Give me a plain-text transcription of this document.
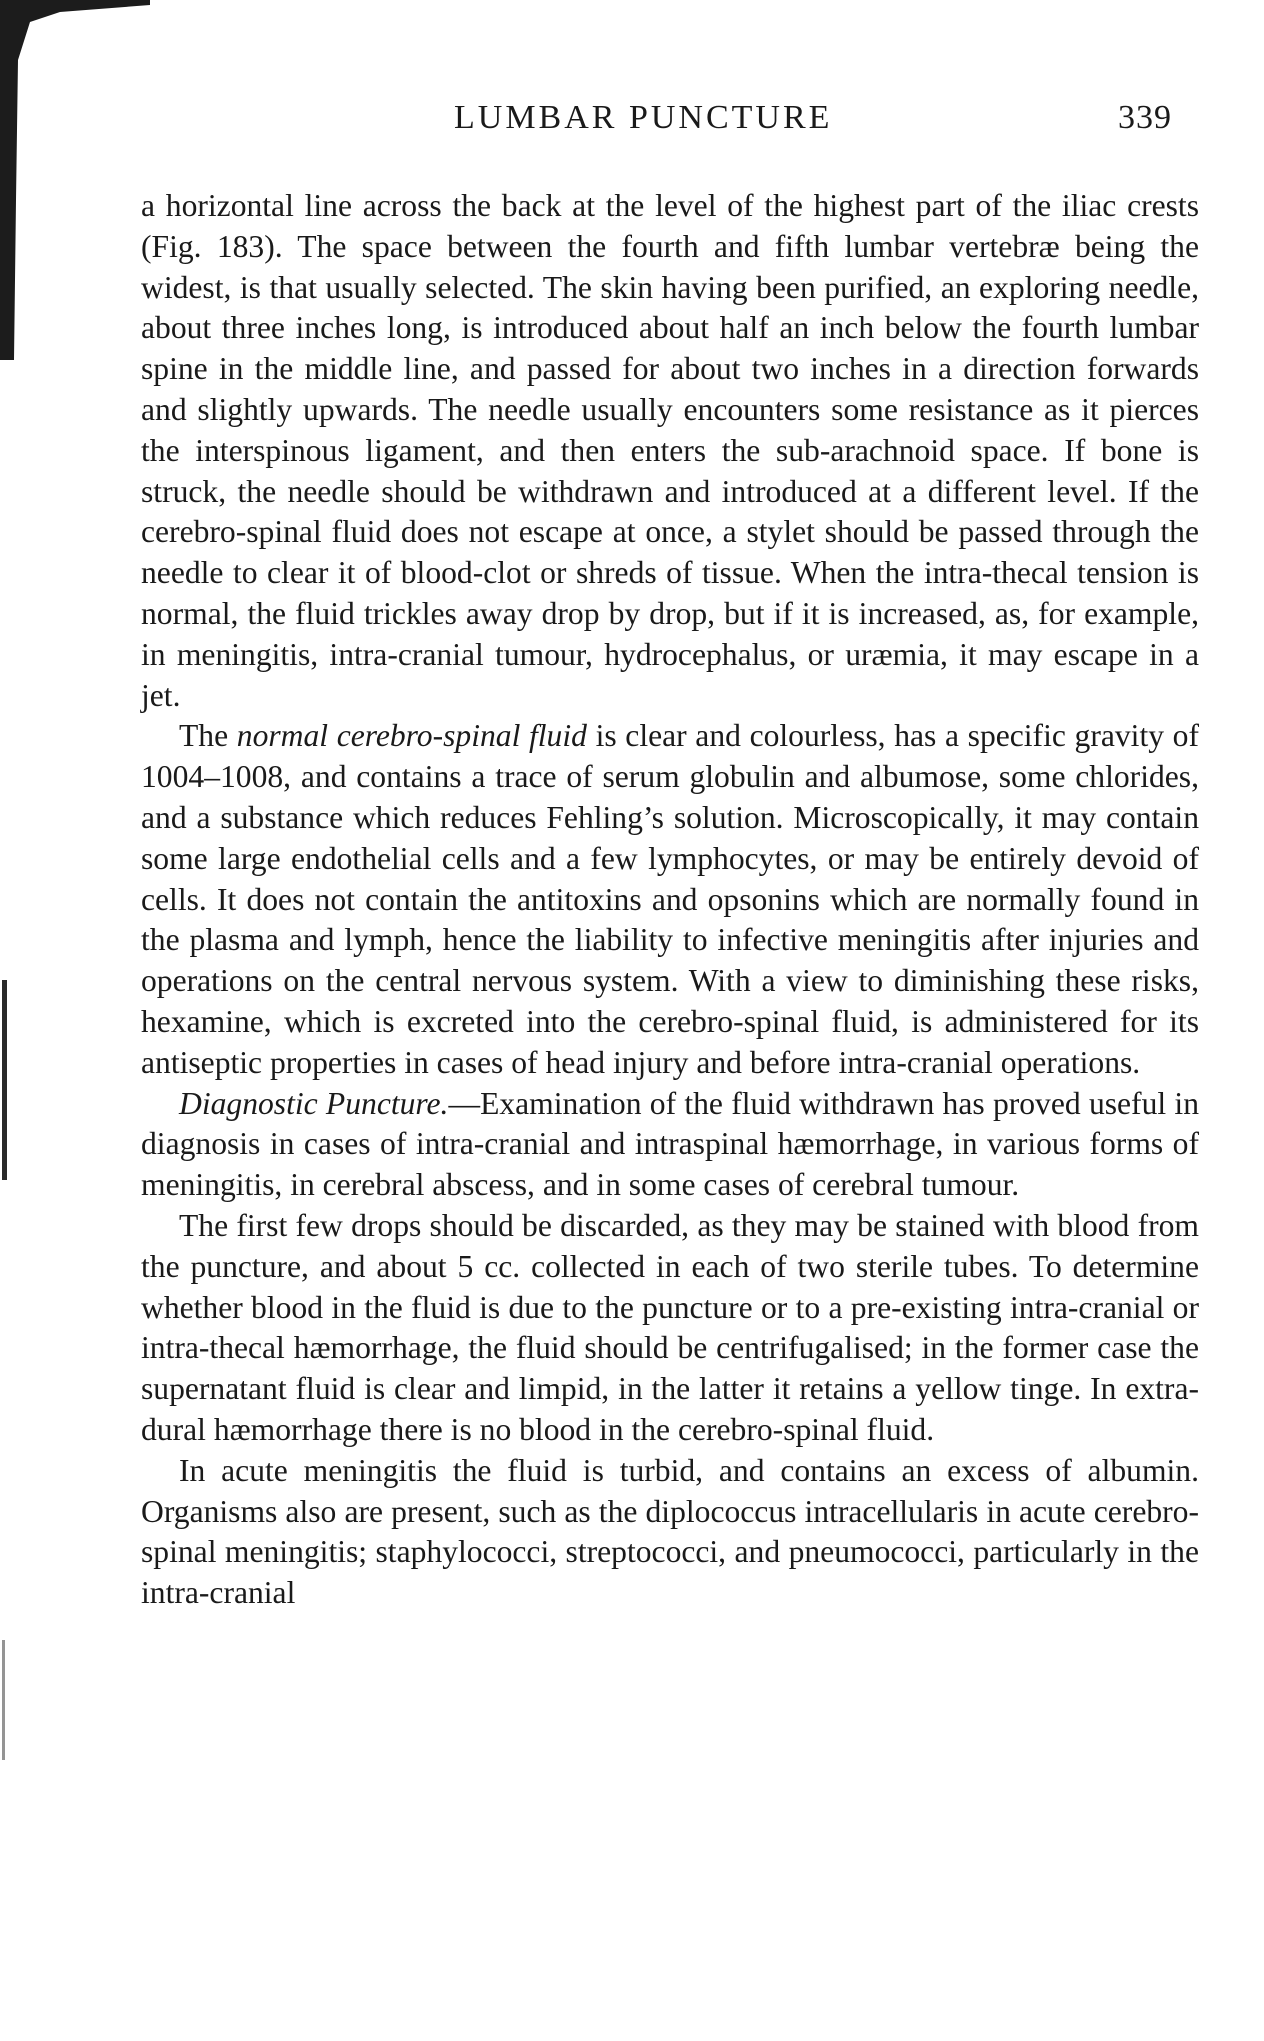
LUMBAR PUNCTURE	339

a horizontal line across the back at the level of the highest part of the iliac crests (Fig. 183). The space between the fourth and fifth lumbar vertebræ being the widest, is that usually selected. The skin having been purified, an exploring needle, about three inches long, is introduced about half an inch below the fourth lumbar spine in the middle line, and passed for about two inches in a direction forwards and slightly upwards. The needle usually encounters some resistance as it pierces the interspinous ligament, and then enters the sub-arachnoid space. If bone is struck, the needle should be withdrawn and introduced at a different level. If the cerebro-spinal fluid does not escape at once, a stylet should be passed through the needle to clear it of blood-clot or shreds of tissue. When the intra-thecal tension is normal, the fluid trickles away drop by drop, but if it is increased, as, for example, in meningitis, intra-cranial tumour, hydrocephalus, or uræmia, it may escape in a jet.

The normal cerebro-spinal fluid is clear and colourless, has a specific gravity of 1004–1008, and contains a trace of serum globulin and albumose, some chlorides, and a substance which reduces Fehling’s solution. Microscopically, it may contain some large endothelial cells and a few lymphocytes, or may be entirely devoid of cells. It does not contain the antitoxins and opsonins which are normally found in the plasma and lymph, hence the liability to infective meningitis after injuries and operations on the central nervous system. With a view to diminishing these risks, hexamine, which is excreted into the cerebro-spinal fluid, is administered for its antiseptic properties in cases of head injury and before intra-cranial operations.

Diagnostic Puncture.—Examination of the fluid withdrawn has proved useful in diagnosis in cases of intra-cranial and intraspinal hæmorrhage, in various forms of meningitis, in cerebral abscess, and in some cases of cerebral tumour.

The first few drops should be discarded, as they may be stained with blood from the puncture, and about 5 cc. collected in each of two sterile tubes. To determine whether blood in the fluid is due to the puncture or to a pre-existing intra-cranial or intra-thecal hæmorrhage, the fluid should be centrifugalised; in the former case the supernatant fluid is clear and limpid, in the latter it retains a yellow tinge. In extra-dural hæmorrhage there is no blood in the cerebro-spinal fluid.

In acute meningitis the fluid is turbid, and contains an excess of albumin. Organisms also are present, such as the diplococcus intracellularis in acute cerebro-spinal meningitis; staphylococci, streptococci, and pneumococci, particularly in the intra-cranial
